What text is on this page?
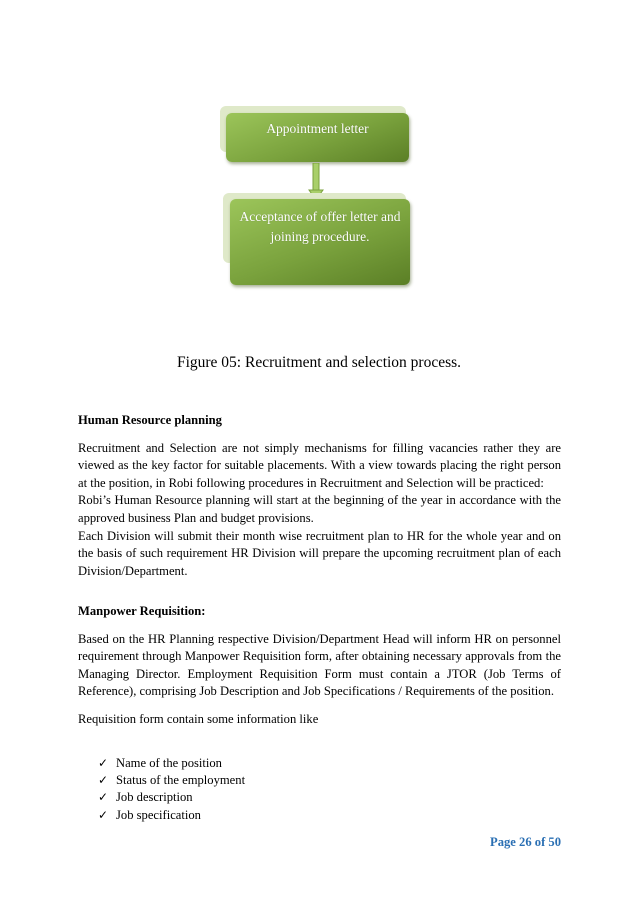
Appointment letter
Acceptance of offer letter and joining procedure.
Figure 05: Recruitment and selection process.
Human Resource planning

Recruitment and Selection are not simply mechanisms for filling vacancies rather they are viewed as the key factor for suitable placements. With a view towards placing the right person at the position, in Robi following procedures in Recruitment and Selection will be practiced:

Robi’s Human Resource planning will start at the beginning of the year in accordance with the approved business Plan and budget provisions.

Each Division will submit their month wise recruitment plan to HR for the whole year and on the basis of such requirement HR Division will prepare the upcoming recruitment plan of each Division/Department.

Manpower Requisition:

Based on the HR Planning respective Division/Department Head will inform HR on personnel requirement through Manpower Requisition form, after obtaining necessary approvals from the Managing Director. Employment Requisition Form must contain a JTOR (Job Terms of Reference), comprising Job Description and Job Specifications / Requirements of the position.

Requisition form contain some information like

✓ Name of the position
✓ Status of the employment
✓ Job description
✓ Job specification
Page 26 of 50
